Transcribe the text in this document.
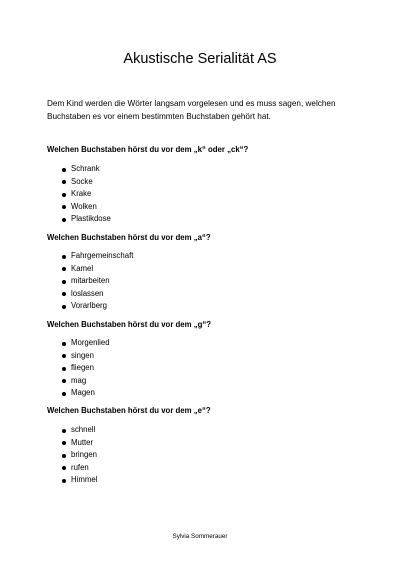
Akustische Serialität AS

Dem Kind werden die Wörter langsam vorgelesen und es muss sagen, welchen Buchstaben es vor einem bestimmten Buchstaben gehört hat.

Welchen Buchstaben hörst du vor dem „k“ oder „ck“?
Schrank
Socke
Krake
Wolken
Plastikdose
Welchen Buchstaben hörst du vor dem „a“?
Fahrgemeinschaft
Kamel
mitarbeiten
loslassen
Vorarlberg
Welchen Buchstaben hörst du vor dem „g“?
Morgenlied
singen
fliegen
mag
Magen
Welchen Buchstaben hörst du vor dem „e“?
schnell
Mutter
bringen
rufen
Himmel

Sylvia Sommerauer
